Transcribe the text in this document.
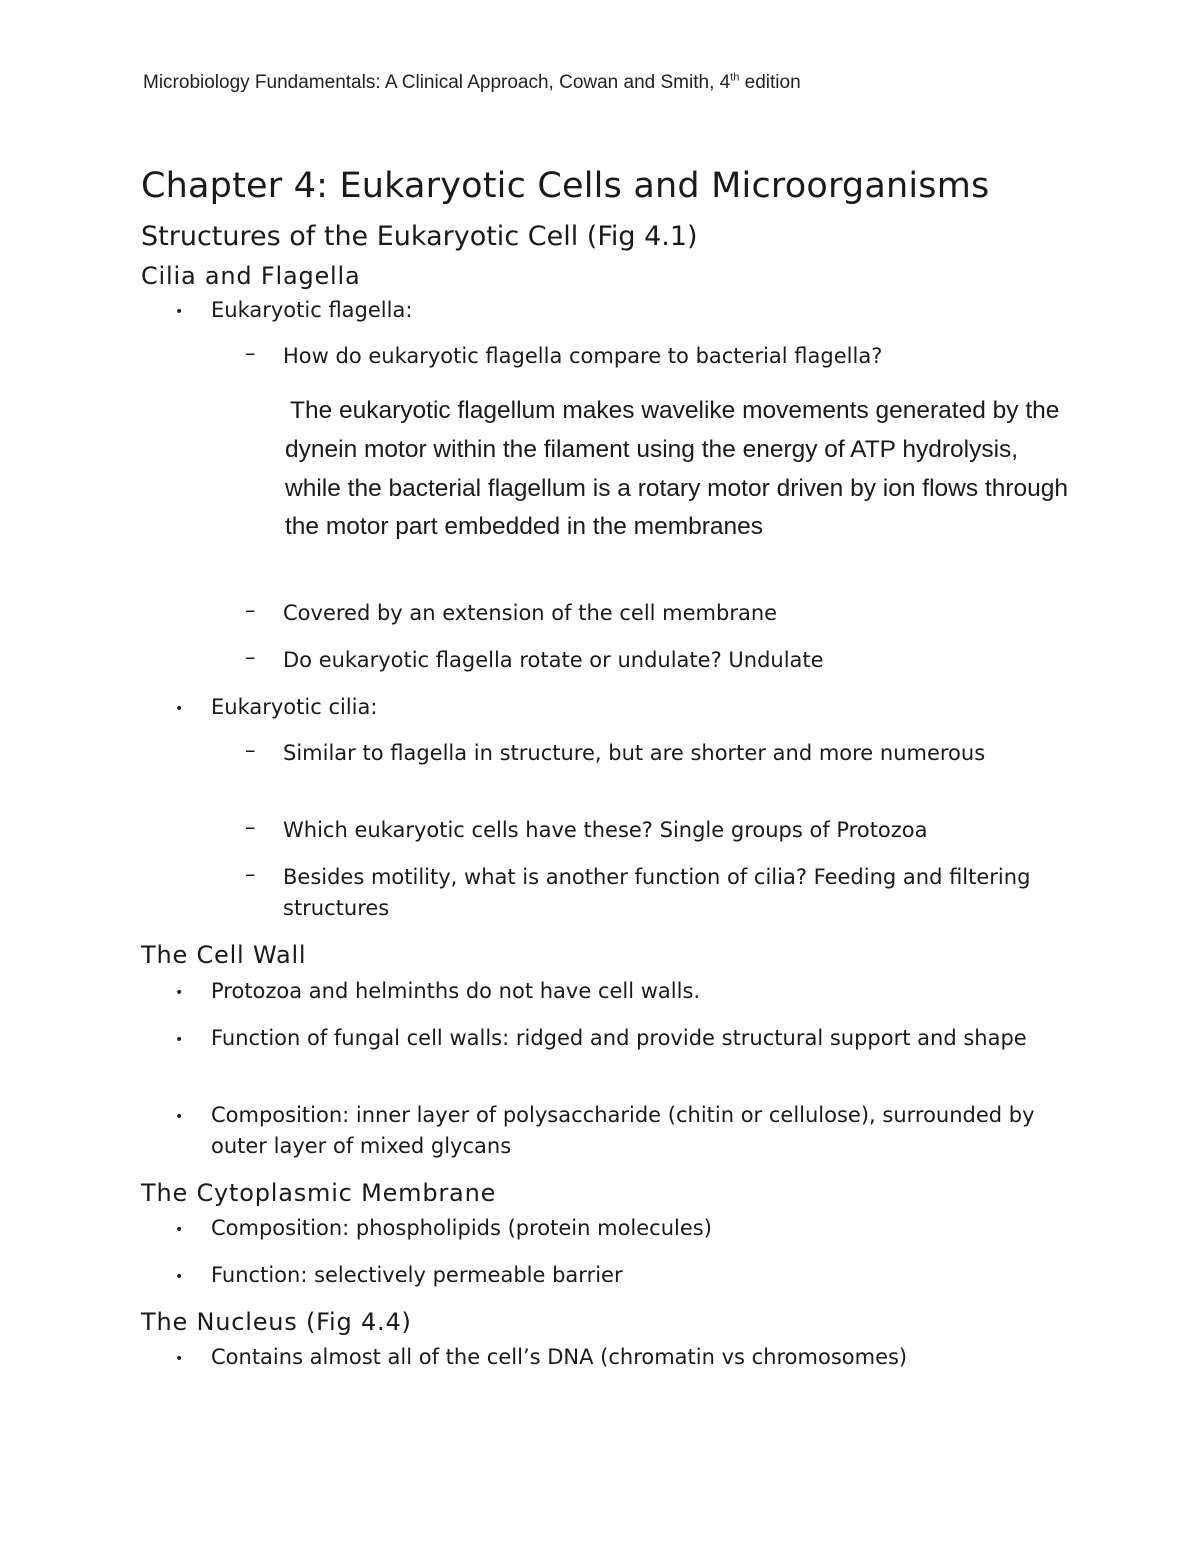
Microbiology Fundamentals: A Clinical Approach, Cowan and Smith, 4th edition
Chapter 4: Eukaryotic Cells and Microorganisms
Structures of the Eukaryotic Cell (Fig 4.1)
Cilia and Flagella
• Eukaryotic flagella:
– How do eukaryotic flagella compare to bacterial flagella?
The eukaryotic flagellum makes wavelike movements generated by the dynein motor within the filament using the energy of ATP hydrolysis, while the bacterial flagellum is a rotary motor driven by ion flows through the motor part embedded in the membranes
– Covered by an extension of the cell membrane
– Do eukaryotic flagella rotate or undulate? Undulate
• Eukaryotic cilia:
– Similar to flagella in structure, but are shorter and more numerous
– Which eukaryotic cells have these? Single groups of Protozoa
– Besides motility, what is another function of cilia? Feeding and filtering structures
The Cell Wall
• Protozoa and helminths do not have cell walls.
• Function of fungal cell walls: ridged and provide structural support and shape
• Composition: inner layer of polysaccharide (chitin or cellulose), surrounded by outer layer of mixed glycans
The Cytoplasmic Membrane
• Composition: phospholipids (protein molecules)
• Function: selectively permeable barrier
The Nucleus (Fig 4.4)
• Contains almost all of the cell’s DNA (chromatin vs chromosomes)
